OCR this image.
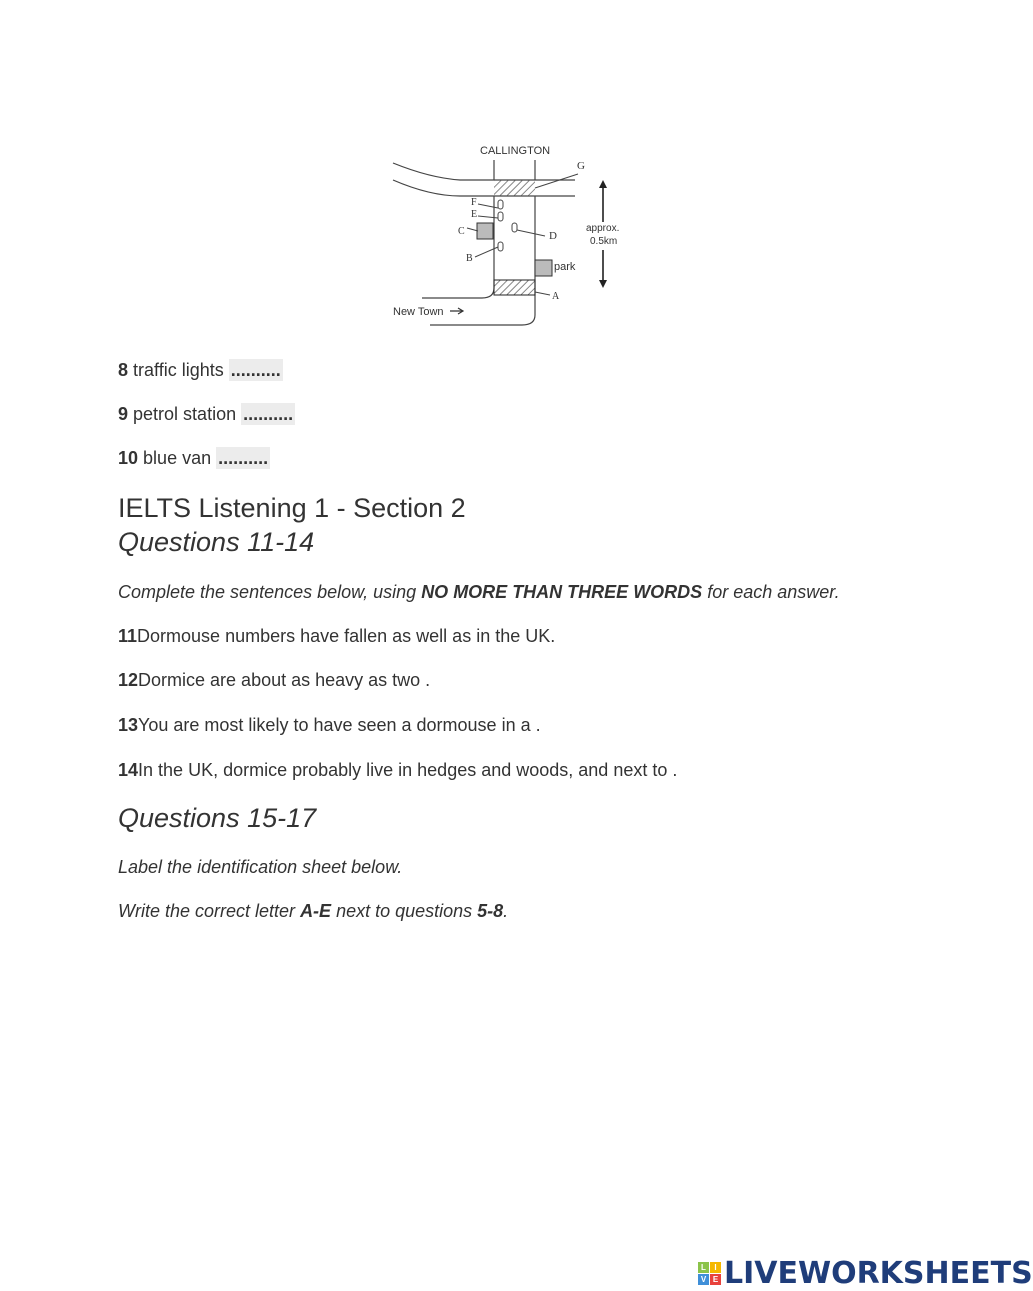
CALLINGTON
G
F
E
C	D
B
A
park
approx.
0.5km
New Town
8 traffic lights ..........
9 petrol station ..........
10 blue van ..........
IELTS Listening 1 - Section 2
Questions 11-14
Complete the sentences below, using NO MORE THAN THREE WORDS for each answer.
11Dormouse numbers have fallen as well as in the UK.
12Dormice are about as heavy as two .
13You are most likely to have seen a dormouse in a .
14In the UK, dormice probably live in hedges and woods, and next to .
Questions 15-17
Label the identification sheet below.
Write the correct letter A-E next to questions 5-8.
L	I
V E LIVEWORKSHEETS
